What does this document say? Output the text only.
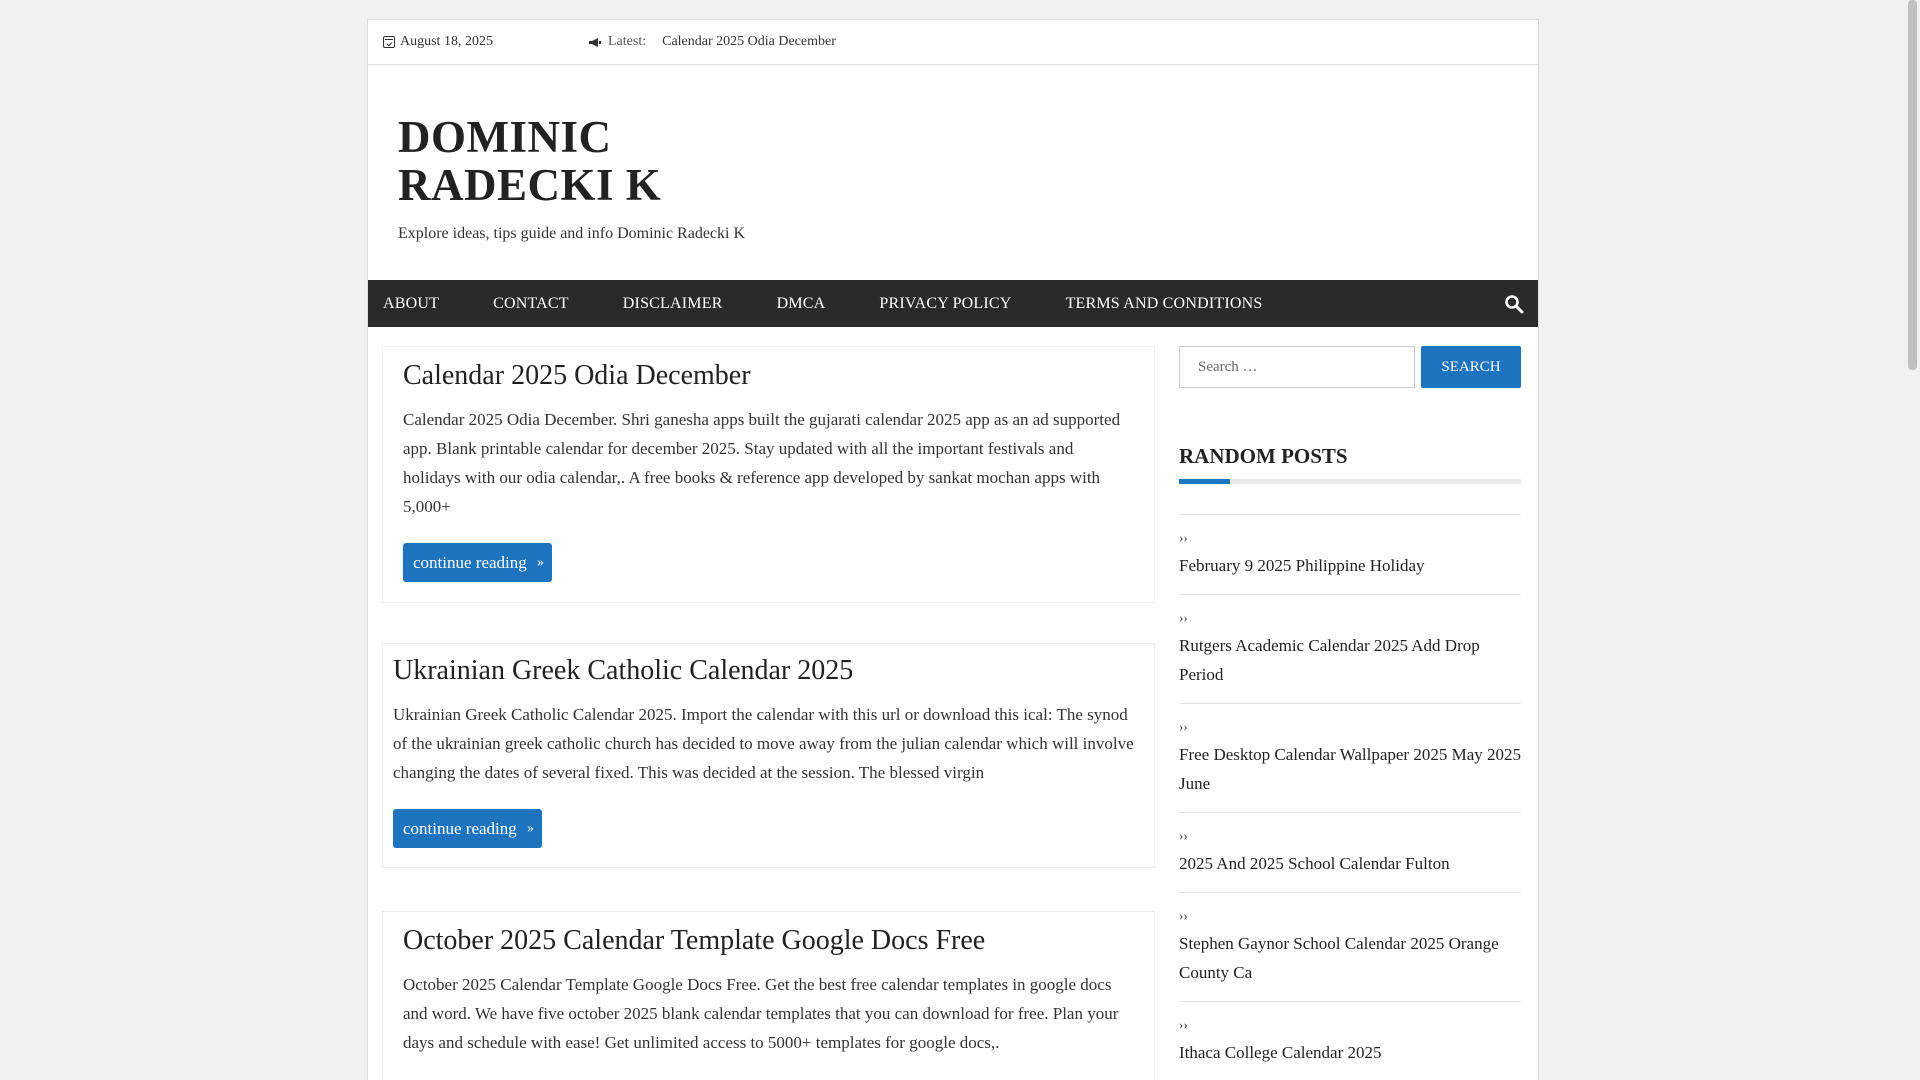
August 18, 2025	Latest: Calendar 2025 Odia December
DOMINIC RADECKI K
Explore ideas, tips guide and info Dominic Radecki K
ABOUT	CONTACT	DISCLAIMER	DMCA	PRIVACY POLICY	TERMS AND CONDITIONS
Calendar 2025 Odia December

Calendar 2025 Odia December. Shri ganesha apps built the gujarati calendar 2025 app as an ad supported app. Blank printable calendar for december 2025. Stay updated with all the important festivals and holidays with our odia calendar,. A free books & reference app developed by sankat mochan apps with 5,000+

continue reading ››
Ukrainian Greek Catholic Calendar 2025

Ukrainian Greek Catholic Calendar 2025. Import the calendar with this url or download this ical: The synod of the ukrainian greek catholic church has decided to move away from the julian calendar which will involve changing the dates of several fixed. This was decided at the session. The blessed virgin

continue reading ››
October 2025 Calendar Template Google Docs Free

October 2025 Calendar Template Google Docs Free. Get the best free calendar templates in google docs and word. We have five october 2025 blank calendar templates that you can download for free. Plan your days and schedule with ease! Get unlimited access to 5000+ templates for google docs,.

Search …
SEARCH
RANDOM POSTS
››
February 9 2025 Philippine Holiday
››
Rutgers Academic Calendar 2025 Add Drop Period
››
Free Desktop Calendar Wallpaper 2025 May 2025 June
››
2025 And 2025 School Calendar Fulton
››
Stephen Gaynor School Calendar 2025 Orange County Ca
››
Ithaca College Calendar 2025
